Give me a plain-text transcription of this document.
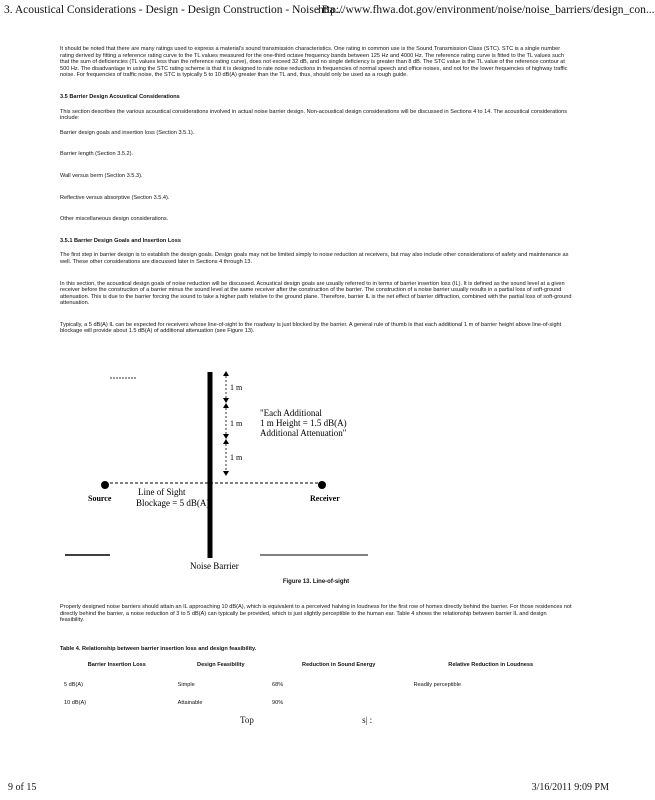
3. Acoustical Considerations - Design - Design Construction - Noise Ba...
http://www.fhwa.dot.gov/environment/noise/noise_barriers/design_con...

It should be noted that there are many ratings used to express a material's sound transmission characteristics. One rating in common use is the Sound Transmission Class (STC). STC is a single number rating derived by fitting a reference rating curve to the TL values measured for the one-third octave frequency bands between 125 Hz and 4000 Hz. The reference rating curve is fitted to the TL values such that the sum of deficiencies (TL values less than the reference rating curve), does not exceed 32 dB, and no single deficiency is greater than 8 dB. The STC value is the TL value of the reference contour at 500 Hz. The disadvantage in using the STC rating scheme is that it is designed to rate noise reductions in frequencies of normal speech and office noises, and not for the lower frequencies of highway traffic noise. For frequencies of traffic noise, the STC is typically 5 to 10 dB(A) greater than the TL and, thus, should only be used as a rough guide.

3.5 Barrier Design Acoustical Considerations

This section describes the various acoustical considerations involved in actual noise barrier design. Non-acoustical design considerations will be discussed in Sections 4 to 14. The acoustical considerations include:

Barrier design goals and insertion loss (Section 3.5.1).

Barrier length (Section 3.5.2).

Wall versus berm (Section 3.5.3).

Reflective versus absorptive (Section 3.5.4).

Other miscellaneous design considerations.

3.5.1 Barrier Design Goals and Insertion Loss

The first step in barrier design is to establish the design goals. Design goals may not be limited simply to noise reduction at receivers, but may also include other considerations of safety and maintenance as well. These other considerations are discussed later in Sections 4 through 13.

In this section, the acoustical design goals of noise reduction will be discussed. Acoustical design goals are usually referred to in terms of barrier insertion loss (IL). It is defined as the sound level at a given receiver before the construction of a barrier minus the sound level at the same receiver after the construction of the barrier. The construction of a noise barrier usually results in a partial loss of soft-ground attenuation. This is due to the barrier forcing the sound to take a higher path relative to the ground plane. Therefore, barrier IL is the net effect of barrier diffraction, combined with the partial loss of soft-ground attenuation.

Typically, a 5 dB(A) IL can be expected for receivers whose line-of-sight to the roadway is just blocked by the barrier. A general rule of thumb is that each additional 1 m of barrier height above line-of-sight blockage will provide about 1.5 dB(A) of additional attenuation (see Figure 13).

1 m
1 m
1 m
"Each Additional
1 m Height = 1.5 dB(A)
Additional Attenuation"
Source	Receiver
Line of Sight
Blockage = 5 dB(A)
Noise Barrier
Figure 13. Line-of-sight
Properly designed noise barriers should attain an IL approaching 10 dB(A), which is equivalent to a perceived halving in loudness for the first row of homes directly behind the barrier. For those residences not directly behind the barrier, a noise reduction of 3 to 5 dB(A) can typically be provided, which is just slightly perceptible to the human ear. Table 4 shows the relationship between barrier IL and design feasibility.
Table 4. Relationship between barrier insertion loss and design feasibility.
Barrier Insertion Loss	Design Feasibility	Reduction in Sound Energy	Relative Reduction in Loudness
5 dB(A)	Simple	68%	Readily perceptible
10 dB(A)	Attainable	90%	
Top	s| :
9 of 15	3/16/2011 9:09 PM
